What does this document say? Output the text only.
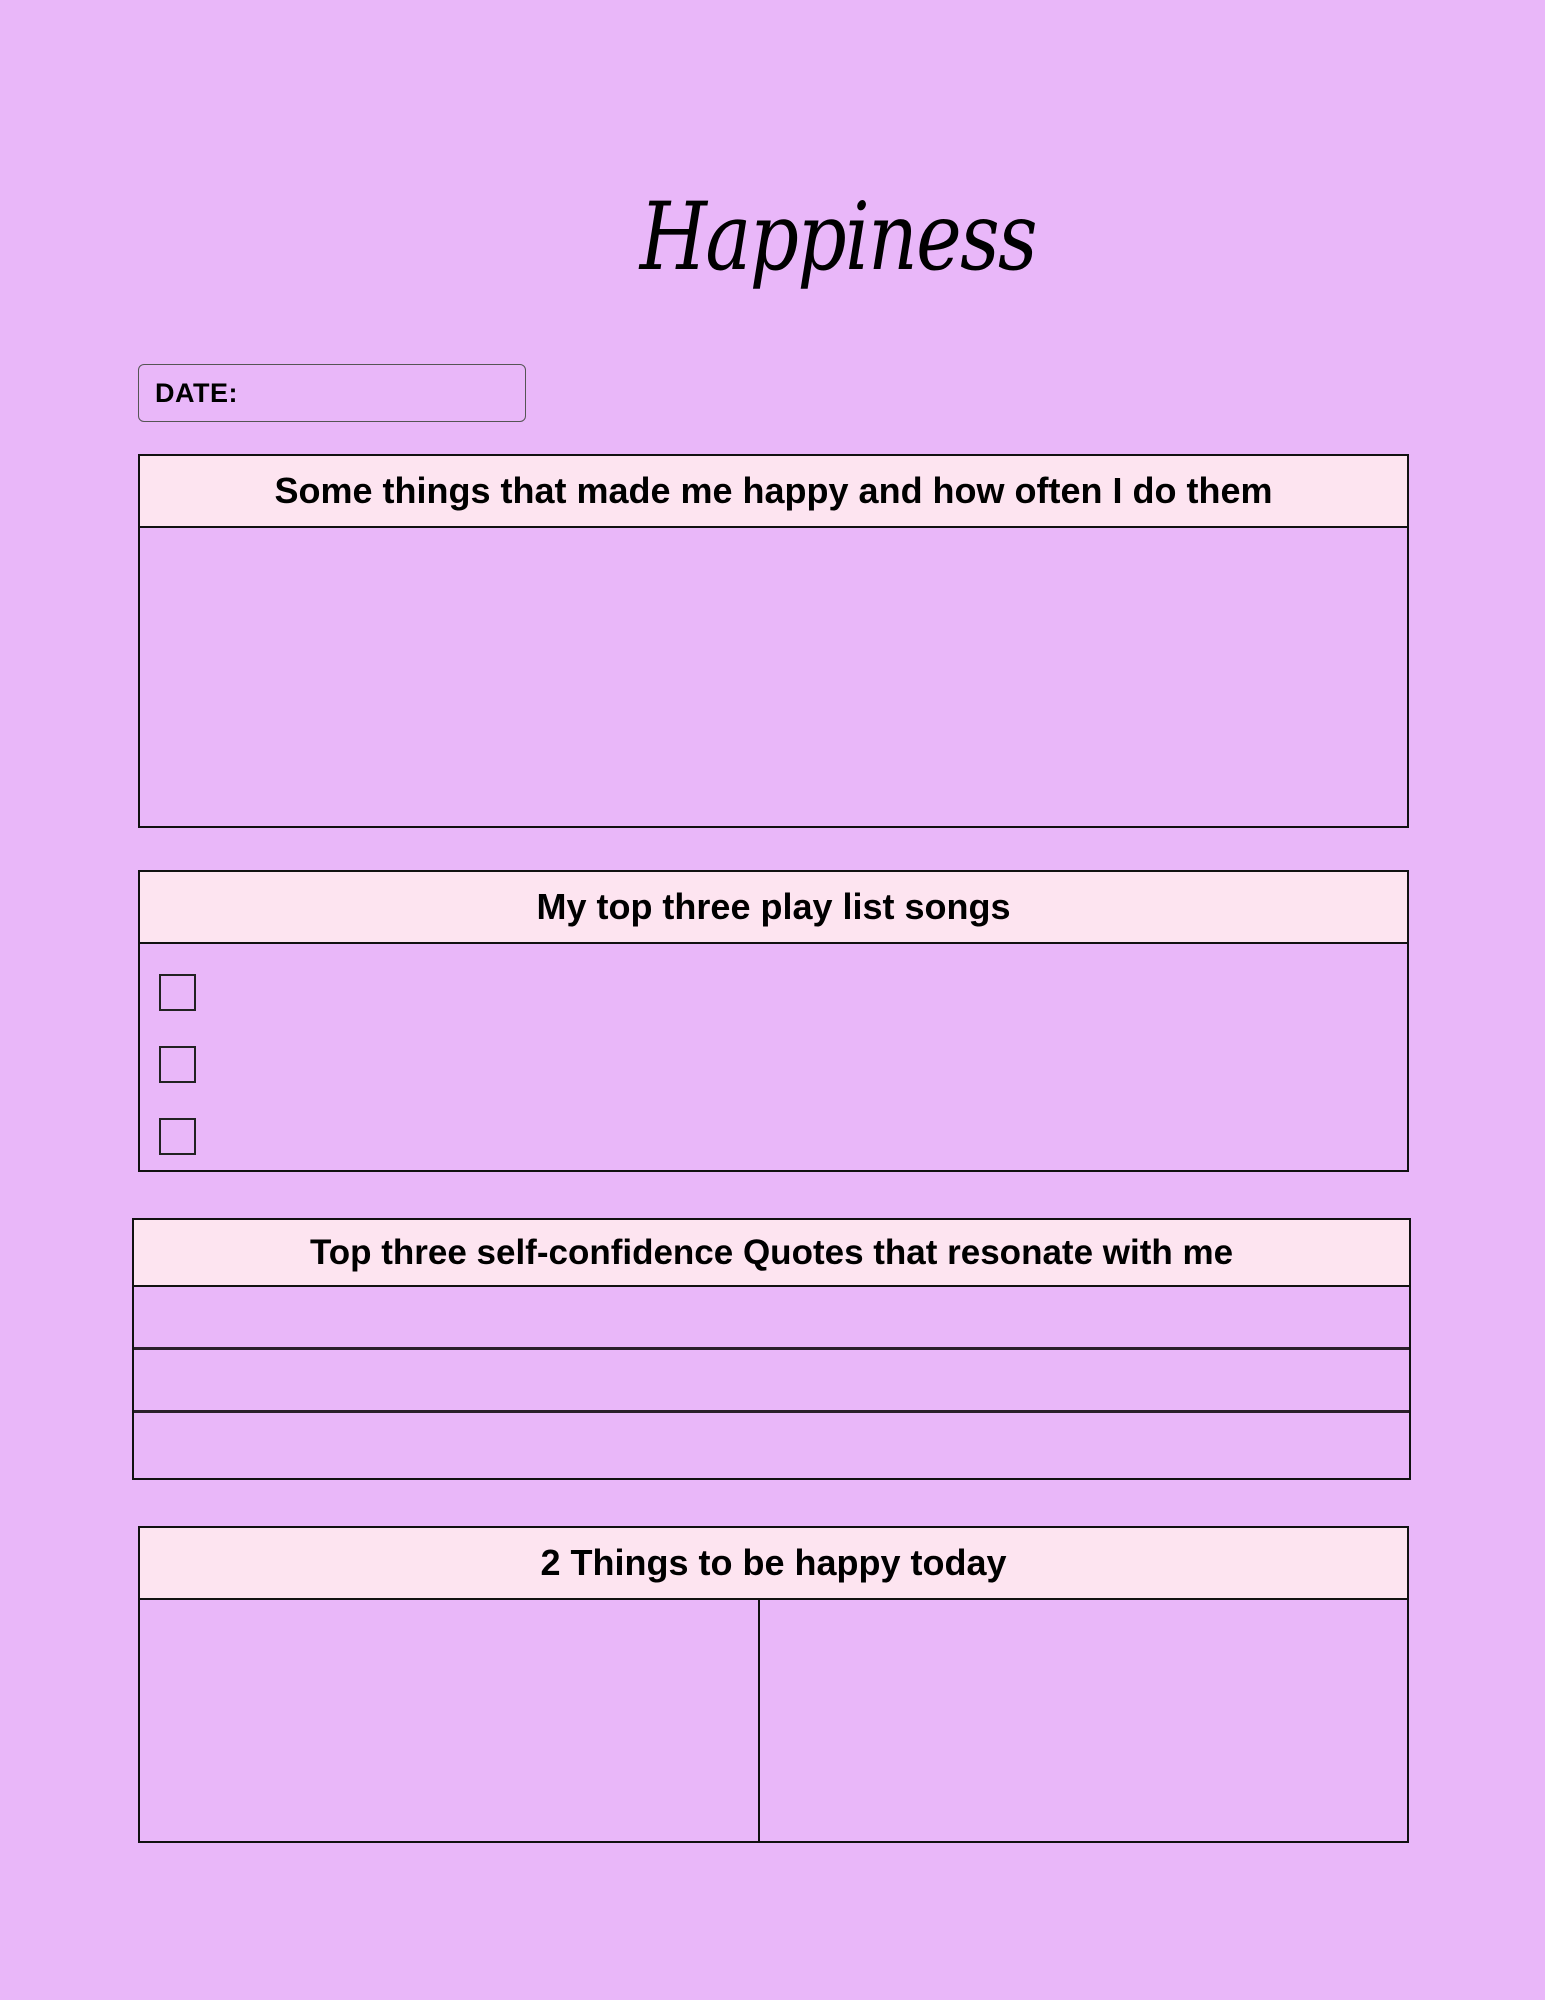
Happiness
DATE:
Some things that made me happy and how often I do them
My top three play list songs
Top three self-confidence Quotes that resonate with me
2 Things to be happy today
